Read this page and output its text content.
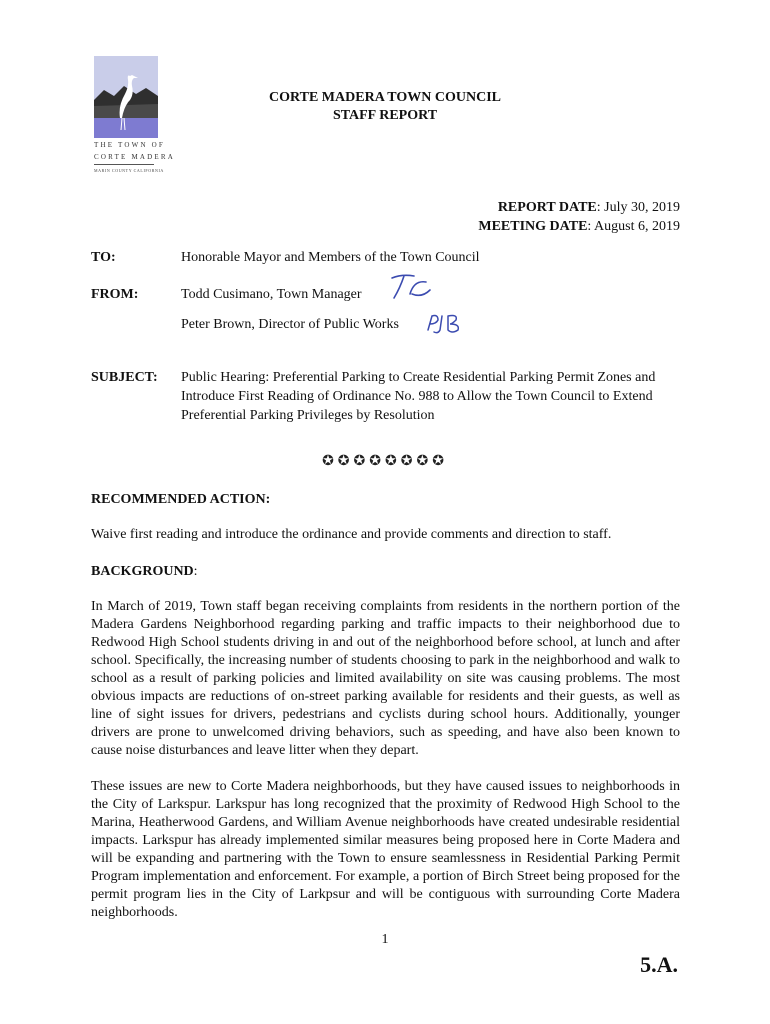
THE TOWN OF
CORTE MADERA
MARIN COUNTY CALIFORNIA
CORTE MADERA TOWN COUNCIL
STAFF REPORT
REPORT DATE: July 30, 2019
MEETING DATE: August 6, 2019
TO:	Honorable Mayor and Members of the Town Council
FROM:	Todd Cusimano, Town Manager
Peter Brown, Director of Public Works
SUBJECT: Public Hearing: Preferential Parking to Create Residential Parking Permit Zones and Introduce First Reading of Ordinance No. 988 to Allow the Town Council to Extend Preferential Parking Privileges by Resolution
✪✪✪✪✪✪✪✪
RECOMMENDED ACTION:
Waive first reading and introduce the ordinance and provide comments and direction to staff.
BACKGROUND:
In March of 2019, Town staff began receiving complaints from residents in the northern portion of the Madera Gardens Neighborhood regarding parking and traffic impacts to their neighborhood due to Redwood High School students driving in and out of the neighborhood before school, at lunch and after school. Specifically, the increasing number of students choosing to park in the neighborhood and walk to school as a result of parking policies and limited availability on site was causing problems. The most obvious impacts are reductions of on-street parking available for residents and their guests, as well as line of sight issues for drivers, pedestrians and cyclists during school hours. Additionally, younger drivers are prone to unwelcomed driving behaviors, such as speeding, and have also been known to cause noise disturbances and leave litter when they depart.
These issues are new to Corte Madera neighborhoods, but they have caused issues to neighborhoods in the City of Larkspur. Larkspur has long recognized that the proximity of Redwood High School to the Marina, Heatherwood Gardens, and William Avenue neighborhoods have created undesirable residential impacts. Larkspur has already implemented similar measures being proposed here in Corte Madera and will be expanding and partnering with the Town to ensure seamlessness in Residential Parking Permit Program implementation and enforcement. For example, a portion of Birch Street being proposed for the permit program lies in the City of Larkpsur and will be contiguous with surrounding Corte Madera neighborhoods.
1
5.A.
